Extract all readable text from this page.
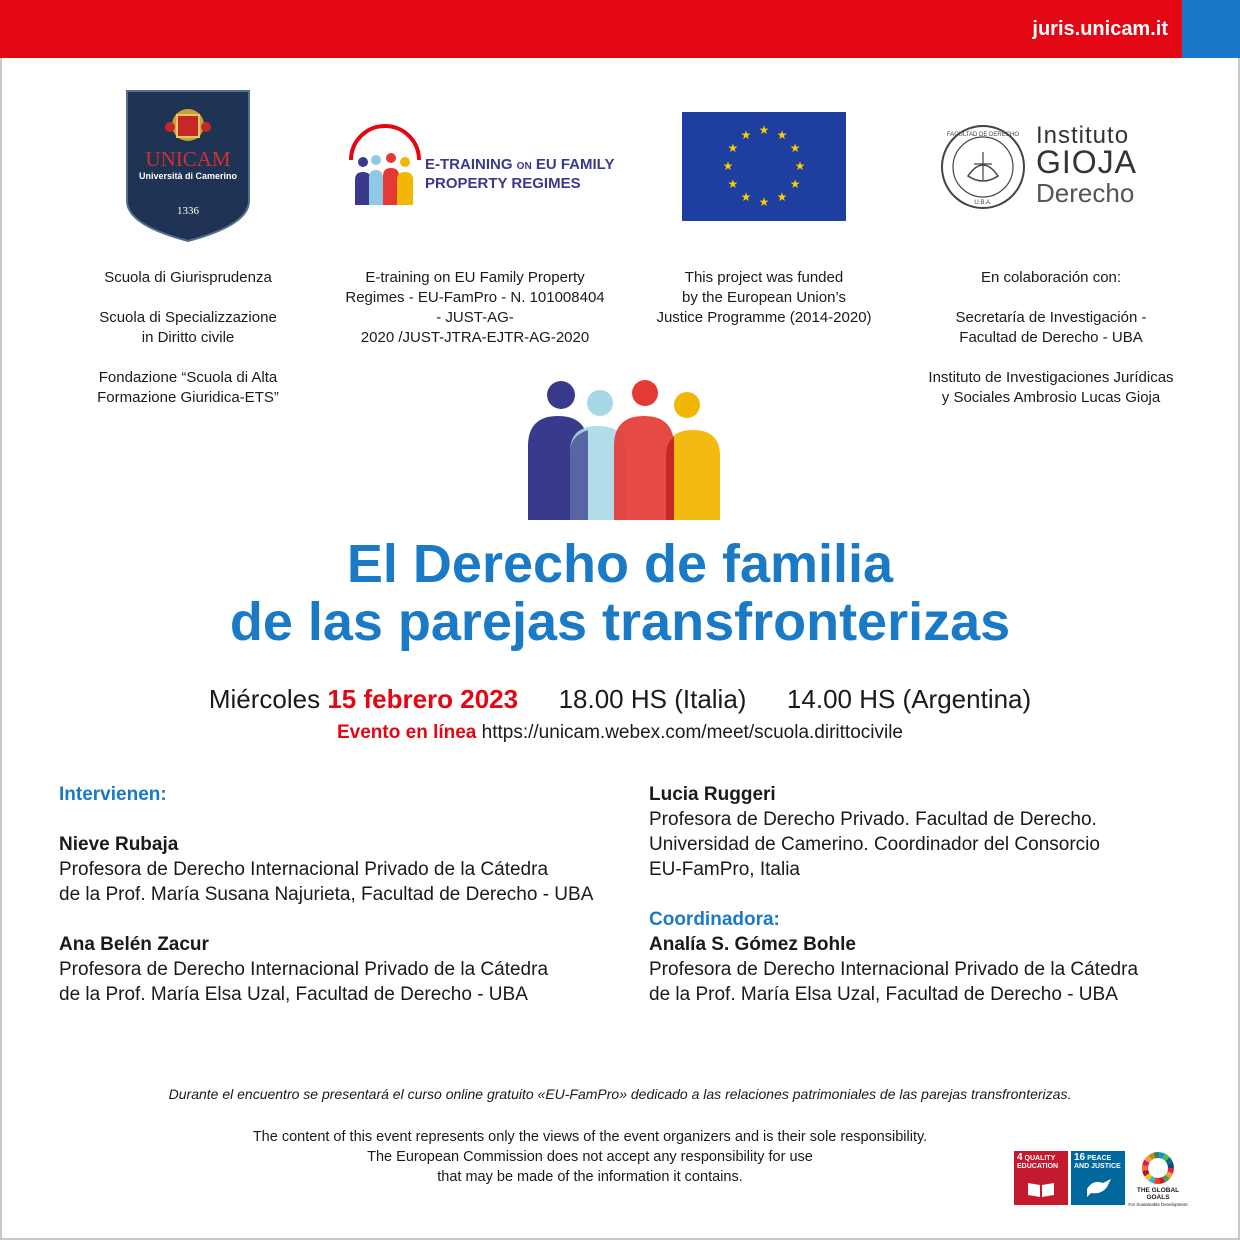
juris.unicam.it
UNICAM
Università di Camerino
1336
E-TRAINING ON EU FAMILY
PROPERTY REGIMES
★ ★
★
★
★
★
★
★
★
★
★
★	FACULTAD DE DERECHO
U.B.A.
Instituto
GIOJA
Derecho
Scuola di Giurisprudenza
Scuola di Specializzazione
in Diritto civile
Fondazione “Scuola di Alta
Formazione Giuridica-ETS”
E-training on EU Family Property
Regimes - EU-FamPro - N. 101008404
- JUST-AG-
2020 /JUST-JTRA-EJTR-AG-2020
This project was funded
by the European Union’s
Justice Programme (2014-2020)
En colaboración con:
Secretaría de Investigación -
Facultad de Derecho - UBA
Instituto de Investigaciones Jurídicas
y Sociales Ambrosio Lucas Gioja
El Derecho de familia
de las parejas transfronterizas
Miércoles 15 febrero 2023 18.00 HS (Italia) 14.00 HS (Argentina)
Evento en línea https://unicam.webex.com/meet/scuola.dirittocivile
Intervienen:
Nieve Rubaja
Profesora de Derecho Internacional Privado de la Cátedra
de la Prof. María Susana Najurieta, Facultad de Derecho - UBA
Ana Belén Zacur
Profesora de Derecho Internacional Privado de la Cátedra
de la Prof. María Elsa Uzal, Facultad de Derecho - UBA
Lucia Ruggeri
Profesora de Derecho Privado. Facultad de Derecho.
Universidad de Camerino. Coordinador del Consorcio
EU-FamPro, Italia
Coordinadora:
Analía S. Gómez Bohle
Profesora de Derecho Internacional Privado de la Cátedra
de la Prof. María Elsa Uzal, Facultad de Derecho - UBA
Durante el encuentro se presentará el curso online gratuito «EU-FamPro» dedicado a las relaciones patrimoniales de las parejas transfronterizas.
The content of this event represents only the views of the event organizers and is their sole responsibility.
The European Commission does not accept any responsibility for use
that may be made of the information it contains.
4 QUALITY EDUCATION
16 PEACE AND JUSTICE
THE GLOBAL GOALS
For Sustainable Development
